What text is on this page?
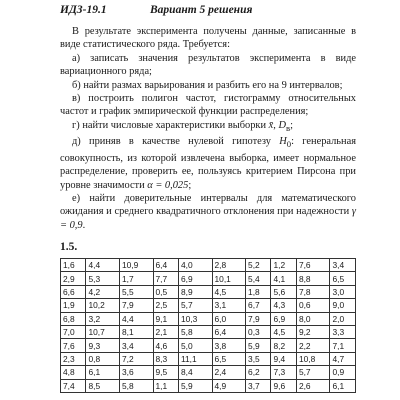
ИДЗ-19.1	Вариант 5 решения

В результате эксперимента получены данные, записанные в виде статистического ряда. Требуется:

а) записать значения результатов эксперимента в виде вариационного ряда;

б) найти размах варьирования и разбить его на 9 интервалов;

в) построить полигон частот, гистограмму относительных частот и график эмпирической функции распределения;

г) найти числовые характеристики выборки x̄, $D_в$;

д) приняв в качестве нулевой гипотезу $H_0$: генеральная совокупность, из которой извлечена выборка, имеет нормальное распределение, проверить ее, пользуясь критерием Пирсона при уровне значимости α = 0,025;

е) найти доверительные интервалы для математического ожидания и среднего квадратичного отклонения при надежности γ = 0,9.

1.5.
1,6	4,4	10,9	6,4	4,0	2,8	5,2	1,2	7,6	3,4
2,9	5,3	1,7	7,7	6,9	10,1	5,4	4,1	8,8	6,5
6,6	4,2	5,5	0,5	8,9	4,5	1,8	5,6	7,8	3,0
1,9	10,2	7,9	2,5	5,7	3,1	6,7	4,3	0,6	9,0
6,8	3,2	4,4	9,1	10,3	6,0	7,9	6,9	8,0	2,0
7,0	10,7	8,1	2,1	5,8	6,4	0,3	4,5	9,2	3,3
7,6	9,3	3,4	4,6	5,0	3,8	5,9	8,2	2,2	7,1
2,3	0,8	7,2	8,3	11,1	6,5	3,5	9,4	10,8	4,7
4,8	6,1	3,6	9,5	8,4	2,4	6,2	7,3	5,7	0,9
7,4	8,5	5,8	1,1	5,9	4,9	3,7	9,6	2,6	6,1
